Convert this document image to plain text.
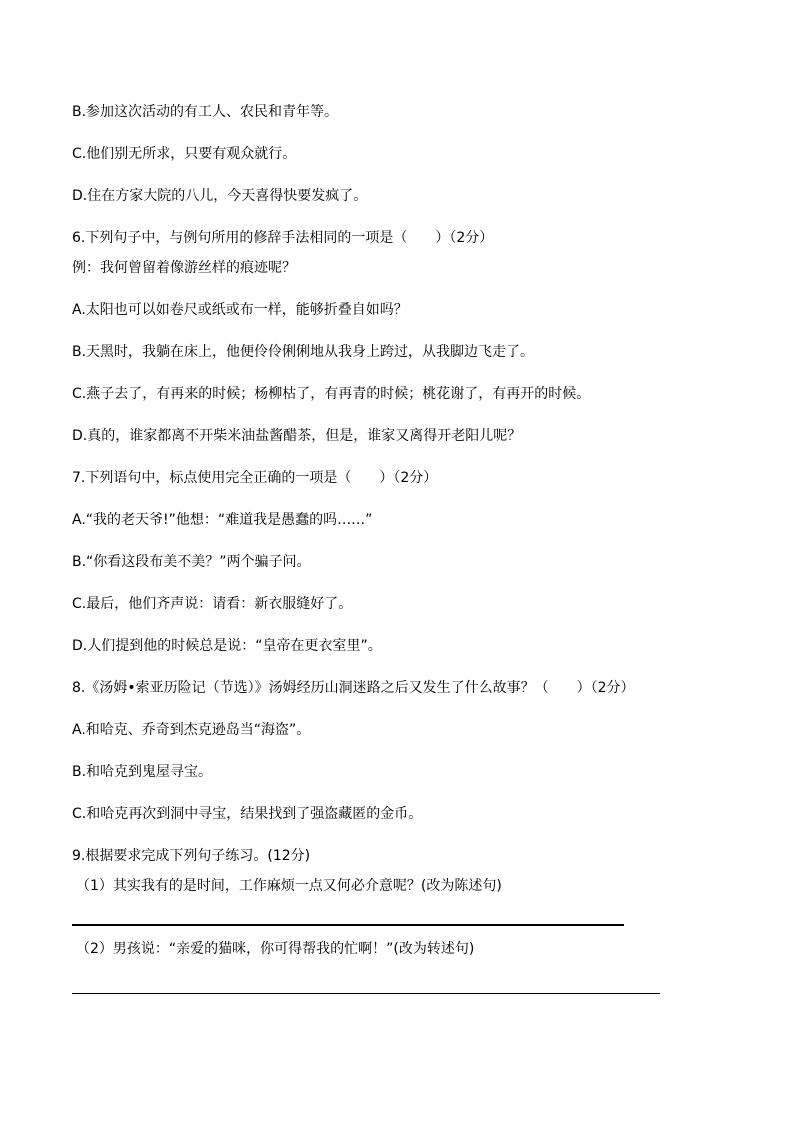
B.参加这次活动的有工人、农民和青年等。
C.他们别无所求，只要有观众就行。
D.住在方家大院的八儿，今天喜得快要发疯了。
6.下列句子中，与例句所用的修辞手法相同的一项是（　　）（2分）
例：我何曾留着像游丝样的痕迹呢？
A.太阳也可以如卷尺或纸或布一样，能够折叠自如吗？
B.天黑时，我躺在床上，他便伶伶俐俐地从我身上跨过，从我脚边飞走了。
C.燕子去了，有再来的时候；杨柳枯了，有再青的时候；桃花谢了，有再开的时候。
D.真的，谁家都离不开柴米油盐酱醋茶，但是，谁家又离得开老阳儿呢？
7.下列语句中，标点使用完全正确的一项是（　　）（2分）
A.“我的老天爷!”他想：“难道我是愚蠢的吗……”
B.“你看这段布美不美？”两个骗子问。
C.最后，他们齐声说：请看：新衣服缝好了。
D.人们提到他的时候总是说：“皇帝在更衣室里”。
8.《汤姆•索亚历险记（节选）》汤姆经历山洞迷路之后又发生了什么故事？（　　）（2分）
A.和哈克、乔奇到杰克逊岛当“海盗”。
B.和哈克到鬼屋寻宝。
C.和哈克再次到洞中寻宝，结果找到了强盗藏匿的金币。
9.根据要求完成下列句子练习。(12分)
（1）其实我有的是时间，工作麻烦一点又何必介意呢？(改为陈述句)
（2）男孩说：“亲爱的猫咪，你可得帮我的忙啊！”(改为转述句)
